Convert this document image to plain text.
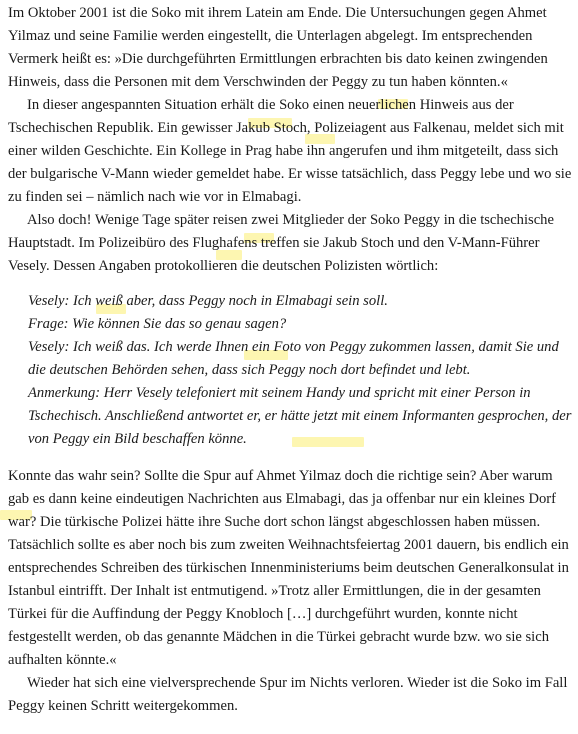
Im Oktober 2001 ist die Soko mit ihrem Latein am Ende. Die Untersuchungen gegen Ahmet Yilmaz und seine Familie werden eingestellt, die Unterlagen abgelegt. Im entsprechenden Vermerk heißt es: »Die durchgeführten Ermittlungen erbrachten bis dato keinen zwingenden Hinweis, dass die Personen mit dem Verschwinden der Peggy zu tun haben könnten.«

In dieser angespannten Situation erhält die Soko einen neuerlichen Hinweis aus der Tschechischen Republik. Ein gewisser Jakub Stoch, Polizeiagent aus Falkenau, meldet sich mit einer wilden Geschichte. Ein Kollege in Prag habe ihn angerufen und ihm mitgeteilt, dass sich der bulgarische V-Mann wieder gemeldet habe. Er wisse tatsächlich, dass Peggy lebe und wo sie zu finden sei – nämlich nach wie vor in Elmabagi.

Also doch! Wenige Tage später reisen zwei Mitglieder der Soko Peggy in die tschechische Hauptstadt. Im Polizeibüro des Flughafens treffen sie Jakub Stoch und den V-Mann-Führer Vesely. Dessen Angaben protokollieren die deutschen Polizisten wörtlich:

Vesely: Ich weiß aber, dass Peggy noch in Elmabagi sein soll.
Frage: Wie können Sie das so genau sagen?
Vesely: Ich weiß das. Ich werde Ihnen ein Foto von Peggy zukommen lassen, damit Sie und die deutschen Behörden sehen, dass sich Peggy noch dort befindet und lebt.
Anmerkung: Herr Vesely telefoniert mit seinem Handy und spricht mit einer Person in Tschechisch. Anschließend antwortet er, er hätte jetzt mit einem Informanten gesprochen, der von Peggy ein Bild beschaffen könne.

Konnte das wahr sein? Sollte die Spur auf Ahmet Yilmaz doch die richtige sein? Aber warum gab es dann keine eindeutigen Nachrichten aus Elmabagi, das ja offenbar nur ein kleines Dorf war? Die türkische Polizei hätte ihre Suche dort schon längst abgeschlossen haben müssen. Tatsächlich sollte es aber noch bis zum zweiten Weihnachtsfeiertag 2001 dauern, bis endlich ein entsprechendes Schreiben des türkischen Innenministeriums beim deutschen Generalkonsulat in Istanbul eintrifft. Der Inhalt ist entmutigend. »Trotz aller Ermittlungen, die in der gesamten Türkei für die Auffindung der Peggy Knobloch […] durchgeführt wurden, konnte nicht festgestellt werden, ob das genannte Mädchen in die Türkei gebracht wurde bzw. wo sie sich aufhalten könnte.«

Wieder hat sich eine vielversprechende Spur im Nichts verloren. Wieder ist die Soko im Fall Peggy keinen Schritt weitergekommen.
